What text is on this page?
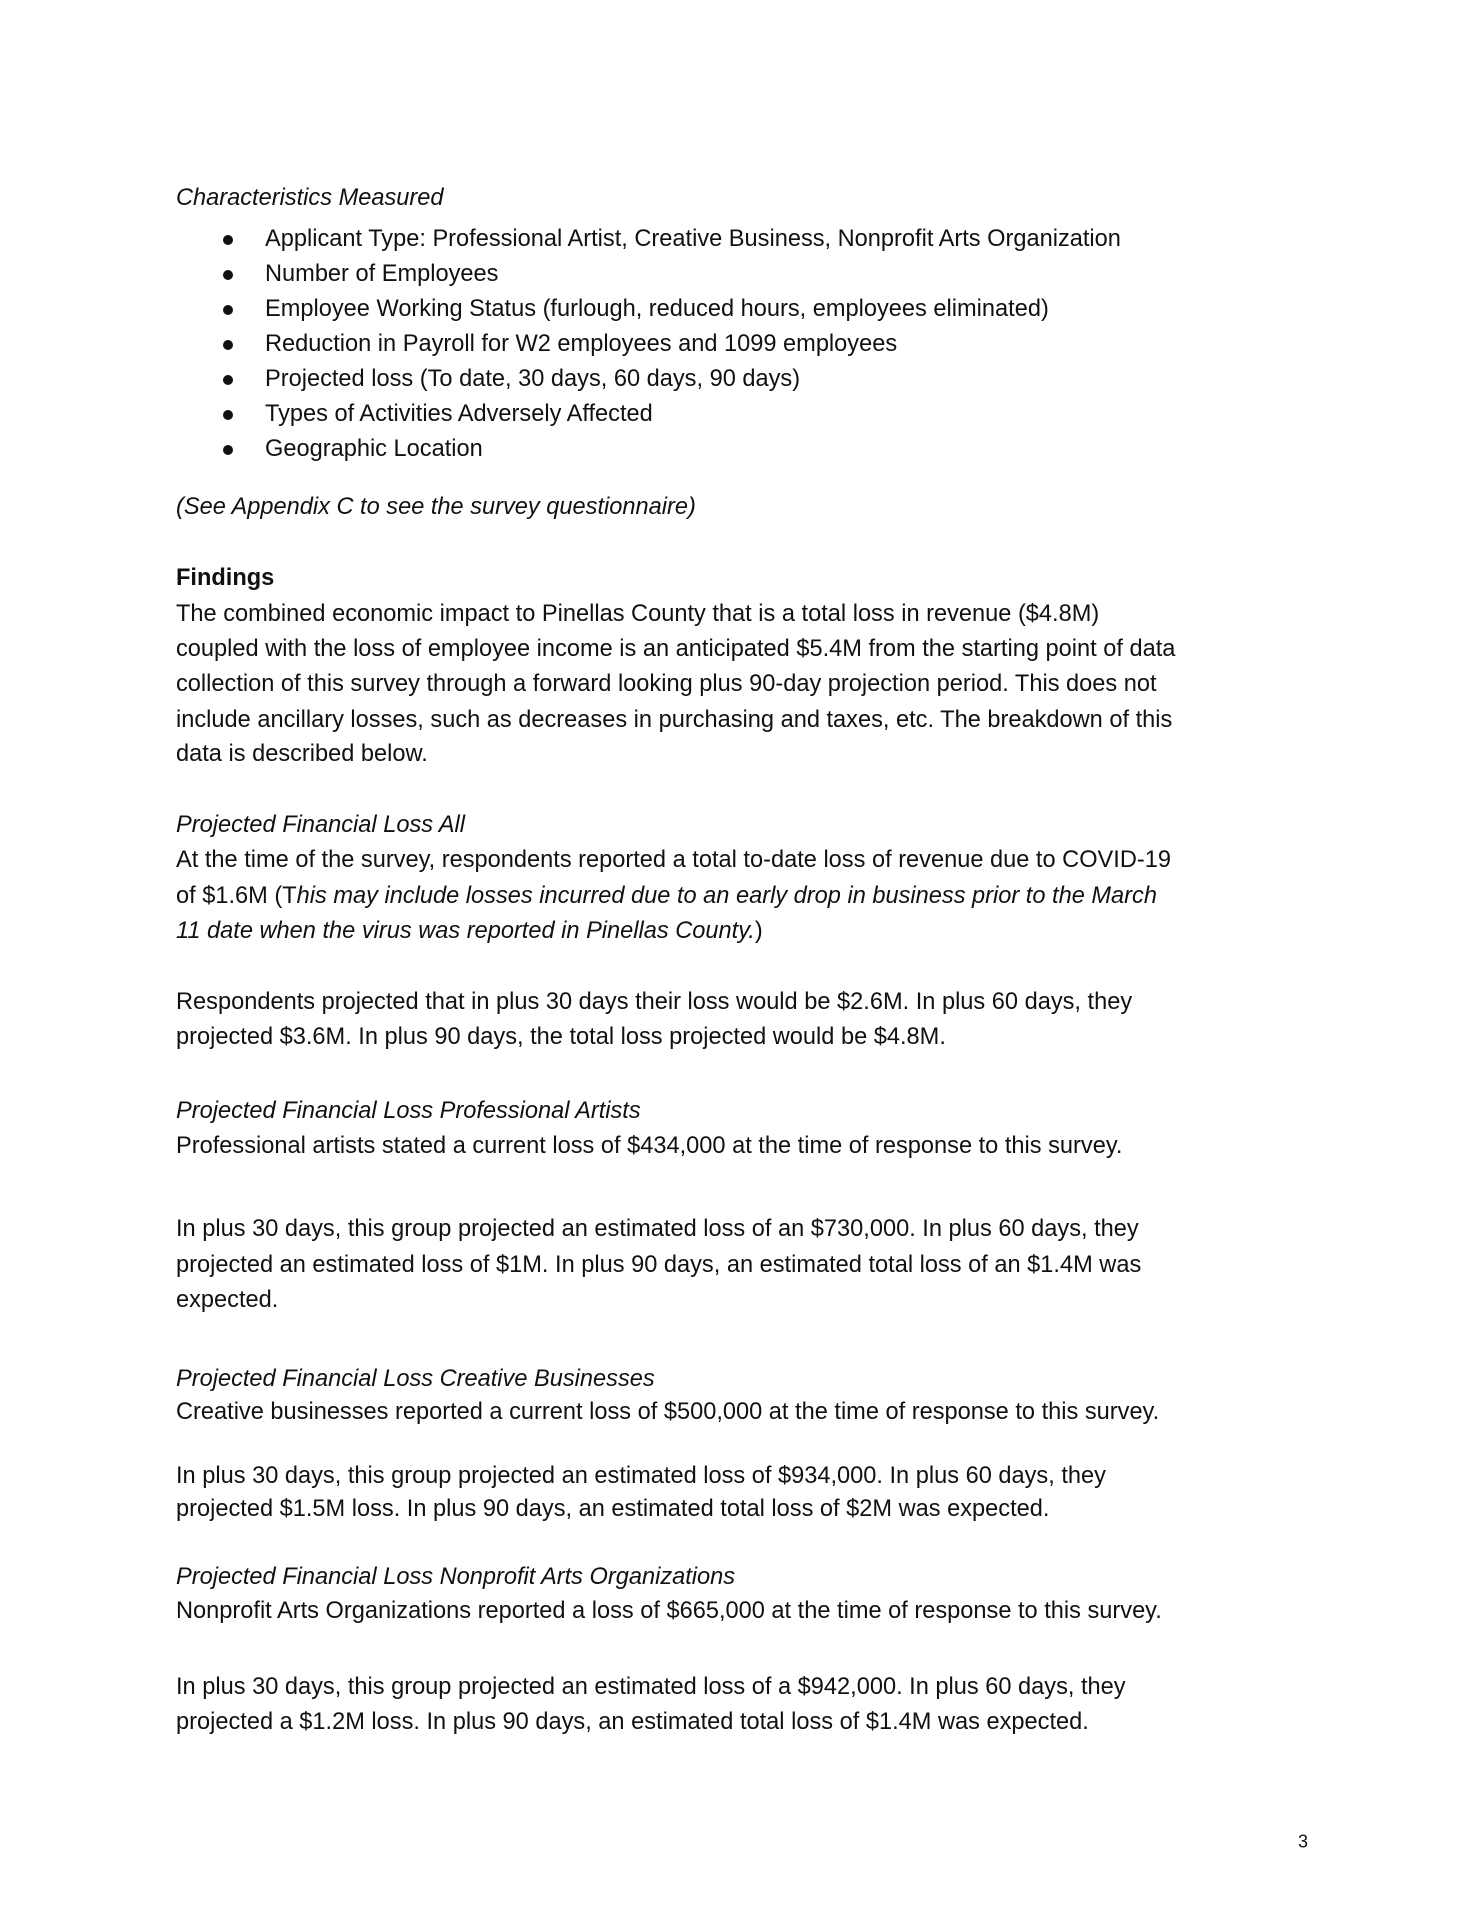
Characteristics Measured
Applicant Type: Professional Artist, Creative Business, Nonprofit Arts Organization
Number of Employees
Employee Working Status (furlough, reduced hours, employees eliminated)
Reduction in Payroll for W2 employees and 1099 employees
Projected loss (To date, 30 days, 60 days, 90 days)
Types of Activities Adversely Affected
Geographic Location
(See Appendix C to see the survey questionnaire)
Findings
The combined economic impact to Pinellas County that is a total loss in revenue ($4.8M)
coupled with the loss of employee income is an anticipated $5.4M from the starting point of data
collection of this survey through a forward looking plus 90-day projection period. This does not
include ancillary losses, such as decreases in purchasing and taxes, etc. The breakdown of this
data is described below.
Projected Financial Loss All
At the time of the survey, respondents reported a total to-date loss of revenue due to COVID-19
of $1.6M (This may include losses incurred due to an early drop in business prior to the March
11 date when the virus was reported in Pinellas County.)
Respondents projected that in plus 30 days their loss would be $2.6M. In plus 60 days, they
projected $3.6M. In plus 90 days, the total loss projected would be $4.8M.
Projected Financial Loss Professional Artists
Professional artists stated a current loss of $434,000 at the time of response to this survey.
In plus 30 days, this group projected an estimated loss of an $730,000. In plus 60 days, they
projected an estimated loss of $1M. In plus 90 days, an estimated total loss of an $1.4M was
expected.
Projected Financial Loss Creative Businesses
Creative businesses reported a current loss of $500,000 at the time of response to this survey.
In plus 30 days, this group projected an estimated loss of $934,000. In plus 60 days, they
projected $1.5M loss. In plus 90 days, an estimated total loss of $2M was expected.
Projected Financial Loss Nonprofit Arts Organizations
Nonprofit Arts Organizations reported a loss of $665,000 at the time of response to this survey.
In plus 30 days, this group projected an estimated loss of a $942,000. In plus 60 days, they
projected a $1.2M loss. In plus 90 days, an estimated total loss of $1.4M was expected.
3
